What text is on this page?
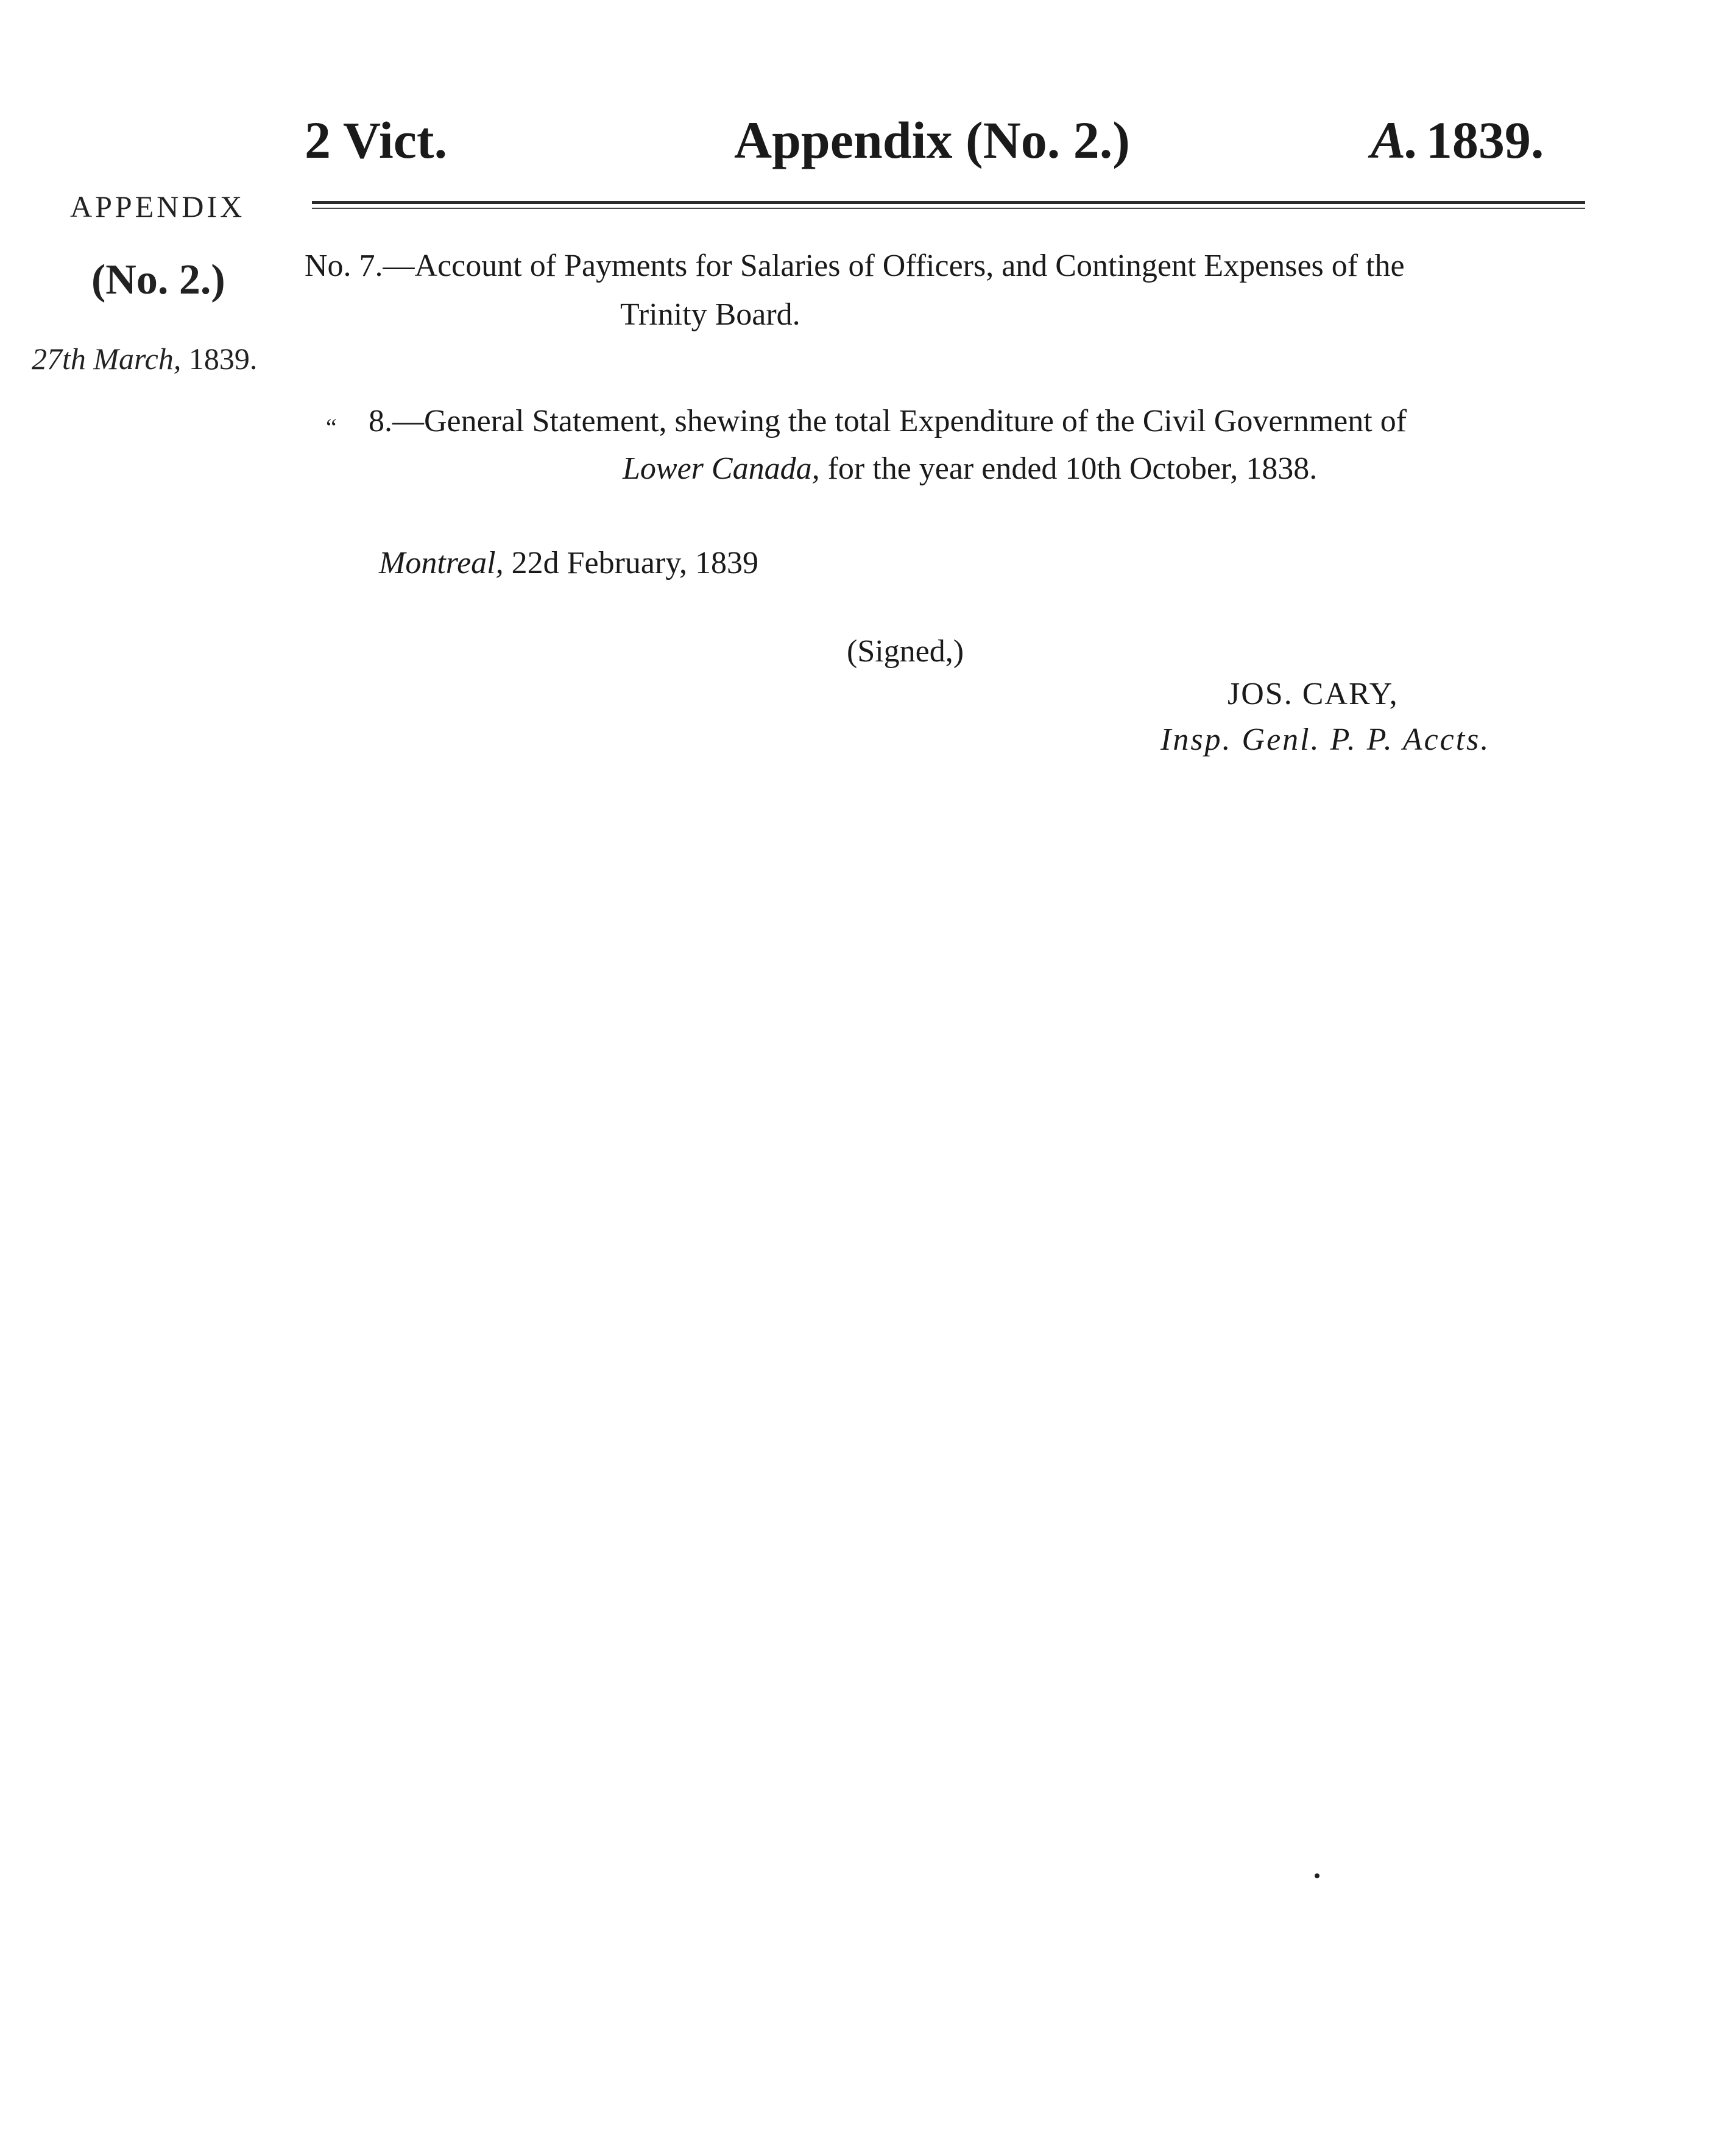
2 Vict.	Appendix (No. 2.)	A. 1839.
APPENDIX
(No. 2.)
27th March, 1839.
No. 7.—Account of Payments for Salaries of Officers, and Contingent Expenses of the
Trinity Board.
“ 8.—General Statement, shewing the total Expenditure of the Civil Government of
Lower Canada, for the year ended 10th October, 1838.
Montreal, 22d February, 1839
(Signed,)
JOS. CARY,
Insp. Genl. P. P. Accts.
